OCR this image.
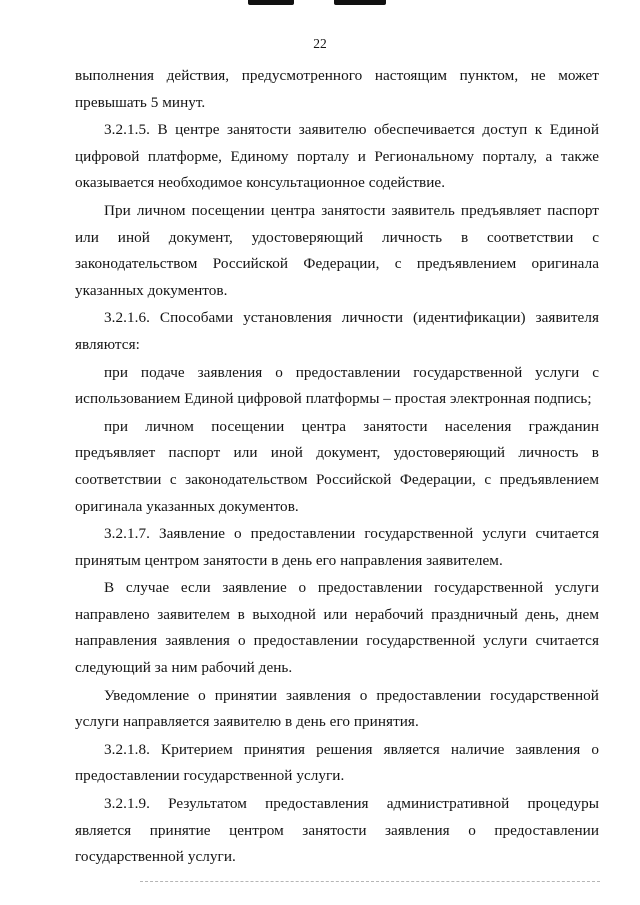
22

выполнения действия, предусмотренного настоящим пунктом, не может превышать 5 минут.

3.2.1.5. В центре занятости заявителю обеспечивается доступ к Единой цифровой платформе, Единому порталу и Региональному порталу, а также оказывается необходимое консультационное содействие.

При личном посещении центра занятости заявитель предъявляет паспорт или иной документ, удостоверяющий личность в соответствии с законодательством Российской Федерации, с предъявлением оригинала указанных документов.

3.2.1.6. Способами установления личности (идентификации) заявителя являются:

при подаче заявления о предоставлении государственной услуги с использованием Единой цифровой платформы – простая электронная подпись;

при личном посещении центра занятости населения гражданин предъявляет паспорт или иной документ, удостоверяющий личность в соответствии с законодательством Российской Федерации, с предъявлением оригинала указанных документов.

3.2.1.7. Заявление о предоставлении государственной услуги считается принятым центром занятости в день его направления заявителем.

В случае если заявление о предоставлении государственной услуги направлено заявителем в выходной или нерабочий праздничный день, днем направления заявления о предоставлении государственной услуги считается следующий за ним рабочий день.

Уведомление о принятии заявления о предоставлении государственной услуги направляется заявителю в день его принятия.

3.2.1.8. Критерием принятия решения является наличие заявления о предоставлении государственной услуги.

3.2.1.9. Результатом предоставления административной процедуры является принятие центром занятости заявления о предоставлении государственной услуги.
